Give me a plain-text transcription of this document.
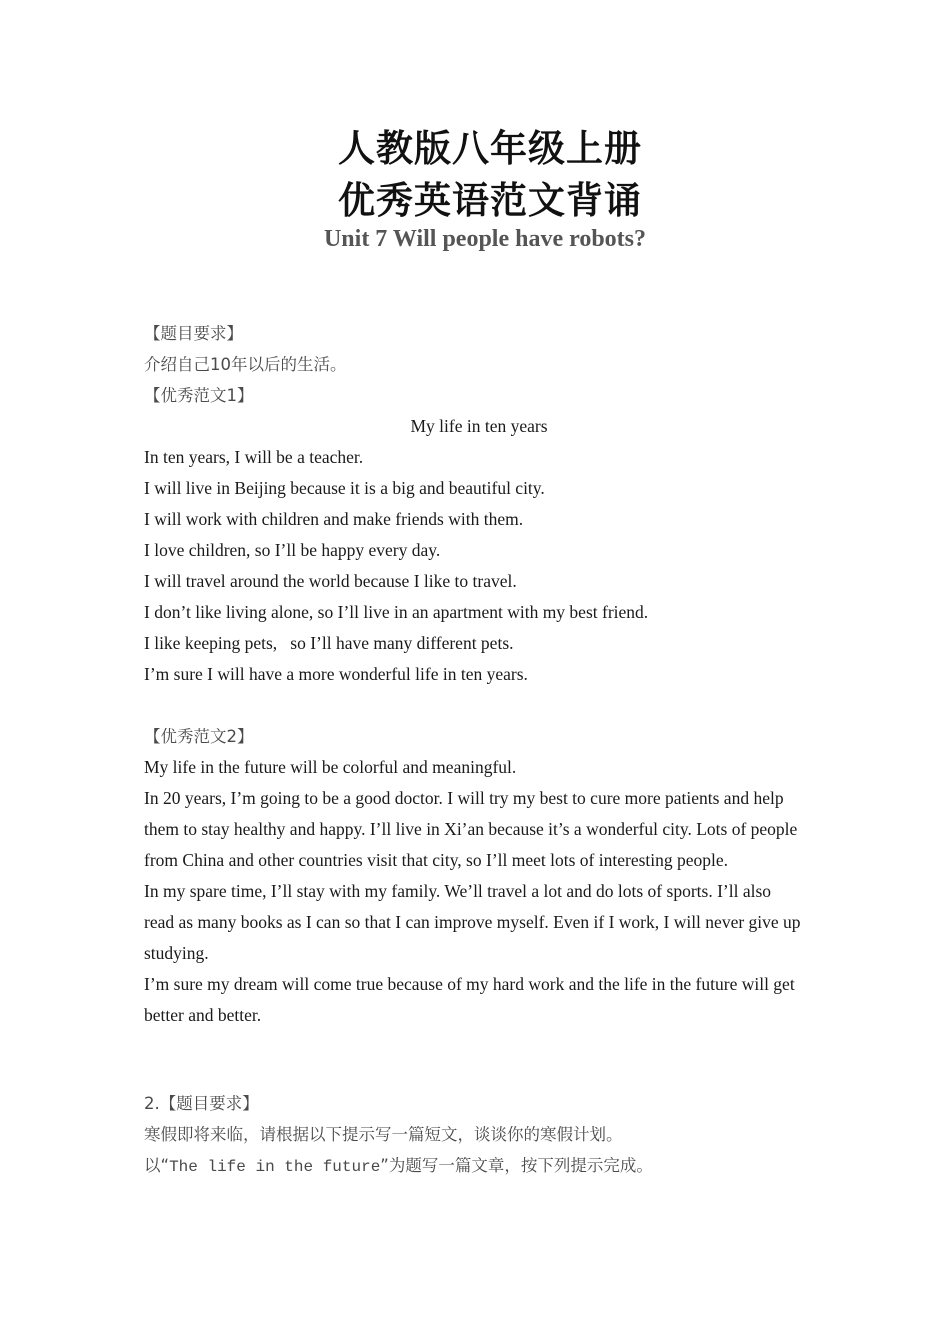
人教版八年级上册
优秀英语范文背诵
Unit 7 Will people have robots?
【题目要求】
介绍自己10年以后的生活。
【优秀范文1】
My life in ten years
In ten years, I will be a teacher.
I will live in Beijing because it is a big and beautiful city.
I will work with children and make friends with them.
I love children, so I’ll be happy every day.
I will travel around the world because I like to travel.
I don’t like living alone, so I’ll live in an apartment with my best friend.
I like keeping pets,   so I’ll have many different pets.
I’m sure I will have a more wonderful life in ten years.
【优秀范文2】
My life in the future will be colorful and meaningful.
In 20 years, I’m going to be a good doctor. I will try my best to cure more patients and help them to stay healthy and happy. I’ll live in Xi’an because it’s a wonderful city. Lots of people from China and other countries visit that city, so I’ll meet lots of interesting people.
In my spare time, I’ll stay with my family. We’ll travel a lot and do lots of sports. I’ll also read as many books as I can so that I can improve myself. Even if I work, I will never give up studying.
I’m sure my dream will come true because of my hard work and the life in the future will get better and better.
2.【题目要求】
寒假即将来临，请根据以下提示写一篇短文，谈谈你的寒假计划。
以“The life in the future”为题写一篇文章，按下列提示完成。
